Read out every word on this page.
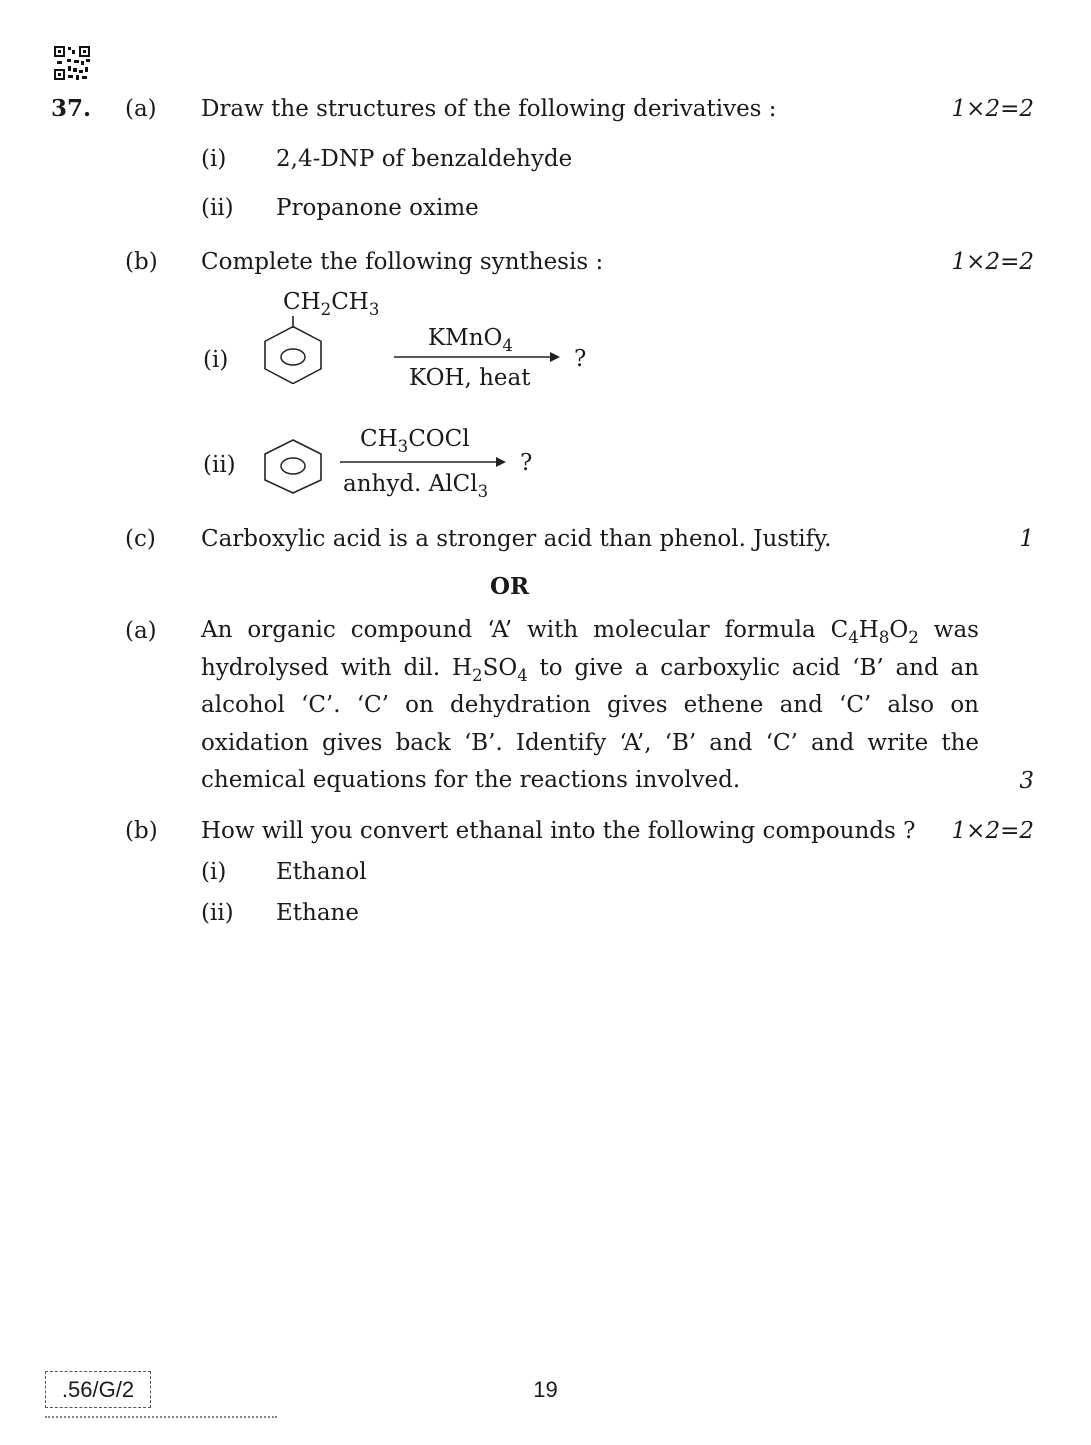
37. (a) Draw the structures of the following derivatives :	1×2=2
(i) 2,4-DNP of benzaldehyde
(ii) Propanone oxime
(b) Complete the following synthesis :	1×2=2
$CH_2CH_3$
(i)
KMnO$_4$
KOH, heat
?
(ii)
$CH_3COCl$
anhyd. AlCl$_3$
?
(c) Carboxylic acid is a stronger acid than phenol. Justify.	1
OR
(a) An organic compound ‘A’ with molecular formula $C_4H_8O_2$ was hydrolysed with dil. $H_2SO_4$ to give a carboxylic acid ‘B’ and an alcohol ‘C’. ‘C’ on dehydration gives ethene and ‘C’ also on oxidation gives back ‘B’. Identify ‘A’, ‘B’ and ‘C’ and write the chemical equations for the reactions involved.	3
(b) How will you convert ethanal into the following compounds ? 1×2=2
(i) Ethanol
(ii) Ethane
.56/G/2	19
